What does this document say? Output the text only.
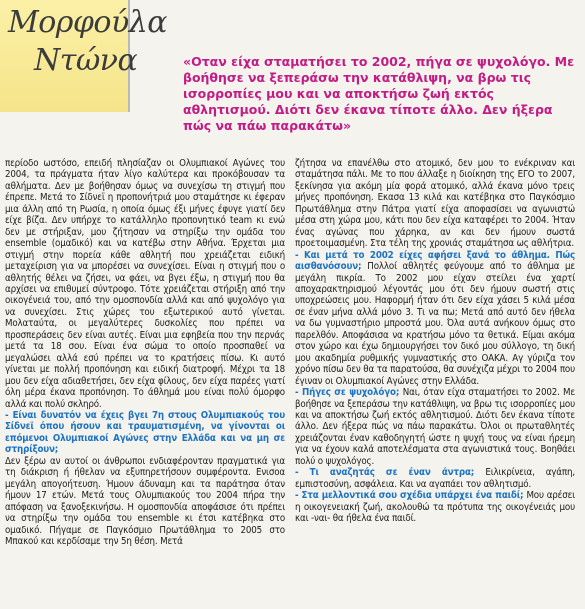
Μορφούλα
Ντώνα	«Οταν είχα σταματήσει το 2002, πήγα σε ψυχολόγο. Με βοήθησε να ξεπεράσω την κατάθλιψη, να βρω τις ισορροπίες μου και να αποκτήσω ζωή εκτός αθλητισμού. Διότι δεν έκανα τίποτε άλλο. Δεν ήξερα πώς να πάω παρακάτω»

περίοδο ωστόσο, επειδή πλησίαζαν οι Ολυμπιακοί Αγώνες του 2004, τα πράγματα ήταν λίγο καλύτερα και προκόβουσαν τα αθλήματα. Δεν με βοήθησαν όμως να συνεχίσω τη στιγμή που έπρεπε. Μετά το Σίδνεϊ η προπονήτριά μου σταμάτησε κι έφεραν μια άλλη από τη Ρωσία, η οποία όμως έξι μήνες έφυγε γιατί δεν είχε βίζα. Δεν υπήρχε το κατάλληλο προπονητικό team κι ενώ δεν με στήριξαν, μου ζήτησαν να στηρίξω την ομάδα του ensemble (ομαδικό) και να κατέβω στην Αθήνα. Έρχεται μια στιγμή στην πορεία κάθε αθλητή που χρειάζεται ειδική μεταχείριση για να μπορέσει να συνεχίσει. Είναι η στιγμή που ο αθλητής θέλει να ζήσει, να φάει, να βγει έξω, η στιγμή που θα αρχίσει να επιθυμεί σύντροφο. Τότε χρειάζεται στήριξη από την οικογένειά του, από την ομοσπονδία αλλά και από ψυχολόγο για να συνεχίσει. Στις χώρες του εξωτερικού αυτό γίνεται. Μολαταύτα, οι μεγαλύτερες δυσκολίες που πρέπει να προσπεράσεις δεν είναι αυτές. Είναι μια εφηβεία που την περνάς μετά τα 18 σου. Είναι ένα σώμα το οποίο προσπαθεί να μεγαλώσει αλλά εσύ πρέπει να το κρατήσεις πίσω. Κι αυτό γίνεται με πολλή προπόνηση και ειδική διατροφή. Μέχρι τα 18 μου δεν είχα αδιαθετήσει, δεν είχα φίλους, δεν είχα παρέες γιατί όλη μέρα έκανα προπόνηση. Το άθλημά μου είναι πολύ όμορφο αλλά και πολύ σκληρό.

- Είναι δυνατόν να έχεις βγει 7η στους Ολυμπιακούς του Σίδνεϊ όπου ήσουν και τραυματισμένη, να γίνονται οι επόμενοι Ολυμπιακοί Αγώνες στην Ελλάδα και να μη σε στηρίξουν;

Δεν ξέρω αν αυτοί οι άνθρωποι ενδιαφέρονταν πραγματικά για τη διάκριση ή ήθελαν να εξυπηρετήσουν συμφέροντα. Ενισοα μεγάλη απογοήτευση. Ήμουν άδυναμη και τα παράτησα όταν ήμουν 17 ετών. Μετά τους Ολυμπιακούς του 2004 πήρα την απόφαση να ξανοξεκινήσω. Η ομοσπονδία αποφάσισε ότι πρέπει να στηρίξω την ομάδα του ensemble κι έτσι κατέβηκα στο ομαδικό. Πήγαμε σε Παγκόσμιο Πρωτάθλημα το 2005 στο Μπακού και κερδίσαμε την 5η θέση. Μετά

ζήτησα να επανέλθω στο ατομικό, δεν μου το ενέκριναν και σταμάτησα πάλι. Με το που άλλαξε η διοίκηση της ΕΓΟ το 2007, ξεκίνησα για ακόμη μία φορά ατομικό, αλλά έκανα μόνο τρεις μήνες προπόνηση. Εκασα 13 κιλά και κατέβηκα στο Παγκόσμιο Πρωτάθλημα στην Πάτρα γιατί είχα αποφασίσει να αγωνιστώ μέσα στη χώρα μου, κάτι που δεν είχα καταφέρει το 2004. Ήταν ένας αγώνας που χάρηκα, αν και δεν ήμουν σωστά προετοιμασμένη. Στα τέλη της χρονιάς σταμάτησα ως αθλήτρια.

- Και μετά το 2002 είχες αφήσει ξανά το άθλημα. Πώς αισθανόσουν; Πολλοί αθλητές φεύγουμε από το άθλημα με μεγάλη πικρία. Το 2002 μου είχαν στείλει ένα χαρτί αποχαρακτηρισμού λέγοντάς μου ότι δεν ήμουν σωστή στις υποχρεώσεις μου. Ηαφορμή ήταν ότι δεν είχα χάσει 5 κιλά μέσα σε έναν μήνα αλλά μόνο 3. Τι να πω; Μετά από αυτό δεν ήθελα να δω γυμναστήριο μπροστά μου. Όλα αυτά ανήκουν όμως στο παρελθόν. Αποφάσισα να κρατήσω μόνο τα θετικά. Είμαι ακόμα στον χώρο και έχω δημιουργήσει τον δικό μου σύλλογο, τη δική μου ακαδημία ρυθμικής γυμναστικής στο ΟΑΚΑ. Αγ γύριζα τον χρόνο πίσω δεν θα τα παρατούσα, θα συνέχιζα μέχρι το 2004 που έγιναν οι Ολυμπιακοί Αγώνες στην Ελλάδα.

- Πήγες σε ψυχολόγο; Ναι, όταν είχα σταματήσει το 2002. Με βοήθησε να ξεπεράσω την κατάθλιψη, να βρω τις ισορροπίες μου και να αποκτήσω ζωή εκτός αθλητισμού. Διότι δεν έκανα τίποτε άλλο. Δεν ήξερα πώς να πάω παρακάτω. Όλοι οι πρωταθλητές χρειάζονται έναν καθοδηγητή ώστε η ψυχή τους να είναι ήρεμη για να έχουν καλά αποτελέσματα στα αγωνιστικά τους. Βοηθάει πολύ ο ψυχολόγος.

- Τι αναζητάς σε έναν άντρα; Ειλικρίνεια, αγάπη, εμπιστοσύνη, ασφάλεια. Και να αγαπάει τον αθλητισμό.

- Στα μελλοντικά σου σχέδια υπάρχει ένα παιδί; Μου αρέσει η οικογενειακή ζωή, ακολουθώ τα πρότυπα της οικογένειάς μου και -ναι- θα ήθελα ένα παιδί.
